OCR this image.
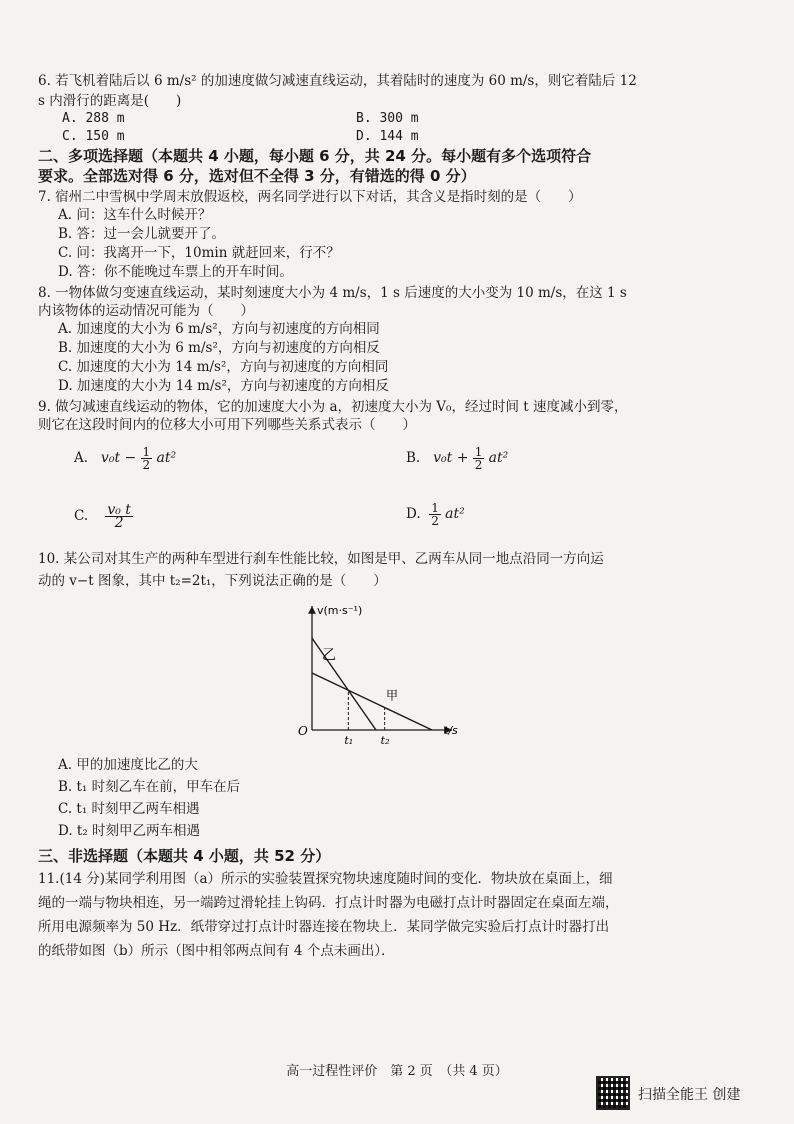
6. 若飞机着陆后以 6 m/s² 的加速度做匀减速直线运动，其着陆时的速度为 60 m/s，则它着陆后 12
s 内滑行的距离是(　　)
A. 288 m	B. 300 m
C. 150 m	D. 144 m
二、多项选择题（本题共 4 小题，每小题 6 分，共 24 分。每小题有多个选项符合
要求。全部选对得 6 分，选对但不全得 3 分，有错选的得 0 分）
7. 宿州二中雪枫中学周末放假返校，两名同学进行以下对话，其含义是指时刻的是（　　）
A. 问：这车什么时候开？
B. 答：过一会儿就要开了。
C. 问：我离开一下，10min 就赶回来，行不？
D. 答：你不能晚过车票上的开车时间。
8. 一物体做匀变速直线运动，某时刻速度大小为 4 m/s，1 s 后速度的大小变为 10 m/s，在这 1 s
内该物体的运动情况可能为（　　）
A. 加速度的大小为 6 m/s²，方向与初速度的方向相同
B. 加速度的大小为 6 m/s²，方向与初速度的方向相反
C. 加速度的大小为 14 m/s²，方向与初速度的方向相同
D. 加速度的大小为 14 m/s²，方向与初速度的方向相反
9. 做匀减速直线运动的物体，它的加速度大小为 a，初速度大小为 V₀，经过时间 t 速度减小到零，
则它在这段时间内的位移大小可用下列哪些关系式表示（　　）
A. $v_0t - \frac{1}{2} at^2$	B. $v_0t + \frac{1}{2} at^2$
C. $\frac{\text{v₀ t}}{2}$	D. $\frac{1}{2} at^2$
10. 某公司对其生产的两种车型进行刹车性能比较，如图是甲、乙两车从同一地点沿同一方向运
动的 v−t 图象，其中 t₂=2t₁，下列说法正确的是（　　）
v(m·s⁻¹)
t/s
O
t₁ t₂
乙
甲
A. 甲的加速度比乙的大
B. t₁ 时刻乙车在前，甲车在后
C. t₁ 时刻甲乙两车相遇
D. t₂ 时刻甲乙两车相遇
三、非选择题（本题共 4 小题，共 52 分）
11.(14 分)某同学利用图（a）所示的实验装置探究物块速度随时间的变化．物块放在桌面上，细
绳的一端与物块相连，另一端跨过滑轮挂上钩码．打点计时器为电磁打点计时器固定在桌面左端，
所用电源频率为 50 Hz．纸带穿过打点计时器连接在物块上．某同学做完实验后打点计时器打出
的纸带如图（b）所示（图中相邻两点间有 4 个点未画出）．
高一过程性评价　第 2 页　（共 4 页）
扫描全能王 创建
